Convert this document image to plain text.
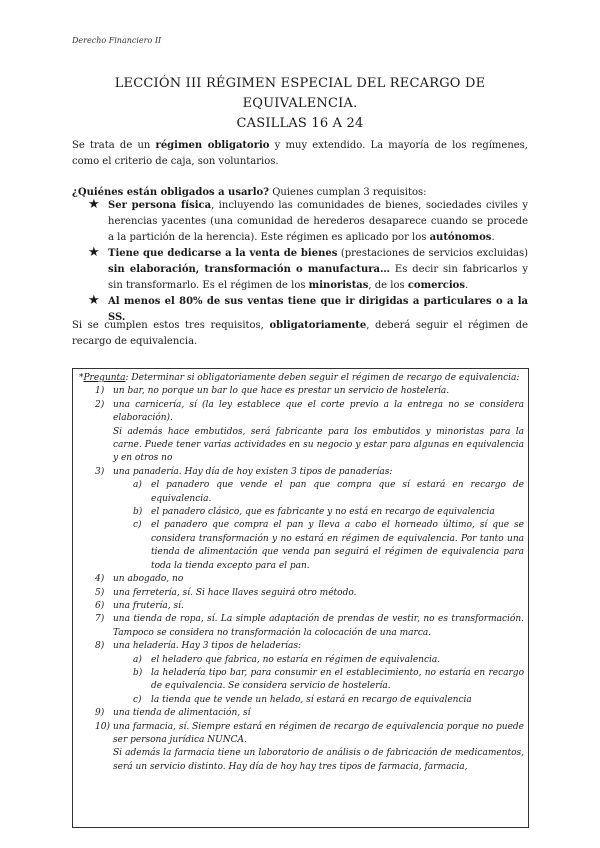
Derecho Financiero II
LECCIÓN III RÉGIMEN ESPECIAL DEL RECARGO DE EQUIVALENCIA.
CASILLAS 16 A 24
Se trata de un régimen obligatorio y muy extendido. La mayoría de los regímenes, como el criterio de caja, son voluntarios.
¿Quiénes están obligados a usarlo? Quienes cumplan 3 requisitos:
★ Ser persona física, incluyendo las comunidades de bienes, sociedades civiles y herencias yacentes (una comunidad de herederos desaparece cuando se procede a la partición de la herencia). Este régimen es aplicado por los autónomos.
★ Tiene que dedicarse a la venta de bienes (prestaciones de servicios excluidas) sin elaboración, transformación o manufactura… Es decir sin fabricarlos y sin transformarlo. Es el régimen de los minoristas, de los comercios.
★ Al menos el 80% de sus ventas tiene que ir dirigidas a particulares o a la SS.
Si se cumplen estos tres requisitos, obligatoriamente, deberá seguir el régimen de recargo de equivalencia.
*Pregunta: Determinar si obligatoriamente deben seguir el régimen de recargo de equivalencia:
1) un bar, no porque un bar lo que hace es prestar un servicio de hostelería.
2) una carnicería, sí (la ley establece que el corte previo a la entrega no se considera elaboración).
Si además hace embutidos, será fabricante para los embutidos y minoristas para la carne. Puede tener varias actividades en su negocio y estar para algunas en equivalencia y en otros no
3) una panadería. Hay día de hoy existen 3 tipos de panaderías:
a) el panadero que vende el pan que compra que sí estará en recargo de equivalencia.
b) el panadero clásico, que es fabricante y no está en recargo de equivalencia
c) el panadero que compra el pan y lleva a cabo el horneado último, sí que se considera transformación y no estará en régimen de equivalencia. Por tanto una tienda de alimentación que venda pan seguirá el régimen de equivalencia para toda la tienda excepto para el pan.
4) un abogado, no
5) una ferretería, sí. Si hace llaves seguirá otro método.
6) una frutería, sí.
7) una tienda de ropa, sí. La simple adaptación de prendas de vestir, no es transformación. Tampoco se considera no transformación la colocación de una marca.
8) una heladería. Hay 3 tipos de heladerías:
a) el heladero que fabrica, no estaría en régimen de equivalencia.
b) la heladería tipo bar, para consumir en el establecimiento, no estaría en recargo de equivalencia. Se considera servicio de hostelería.
c) la tienda que te vende un helado, sí estará en recargo de equivalencia
9) una tienda de alimentación, sí
10) una farmacia, sí. Siempre estará en régimen de recargo de equivalencia porque no puede ser persona jurídica NUNCA.
Si además la farmacia tiene un laboratorio de análisis o de fabricación de medicamentos, será un servicio distinto. Hay día de hoy hay tres tipos de farmacia, farmacia,
